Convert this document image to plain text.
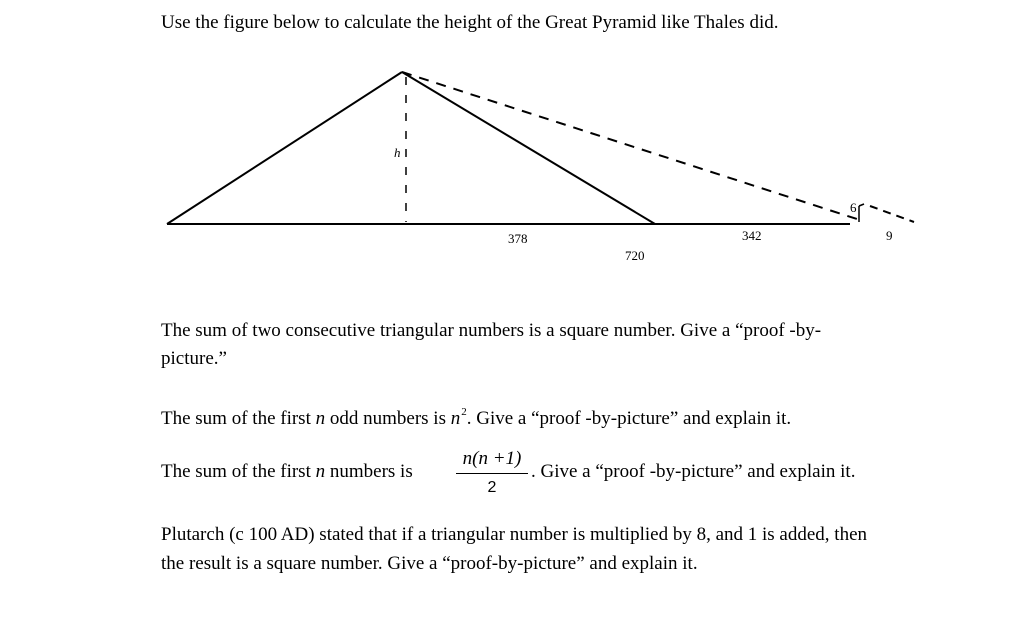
Use the figure below to calculate the height of the Great Pyramid like Thales did.
h
378
720
342	9
6
The sum of two consecutive triangular numbers is a square number. Give a “proof -by-
picture.”
The sum of the first n odd numbers is $n^2$. Give a “proof -by-picture” and explain it.
The sum of the first n numbers is
n(n +1)
2
. Give a “proof -by-picture” and explain it.
Plutarch (c 100 AD) stated that if a triangular number is multiplied by 8, and 1 is added, then
the result is a square number. Give a “proof-by-picture” and explain it.
